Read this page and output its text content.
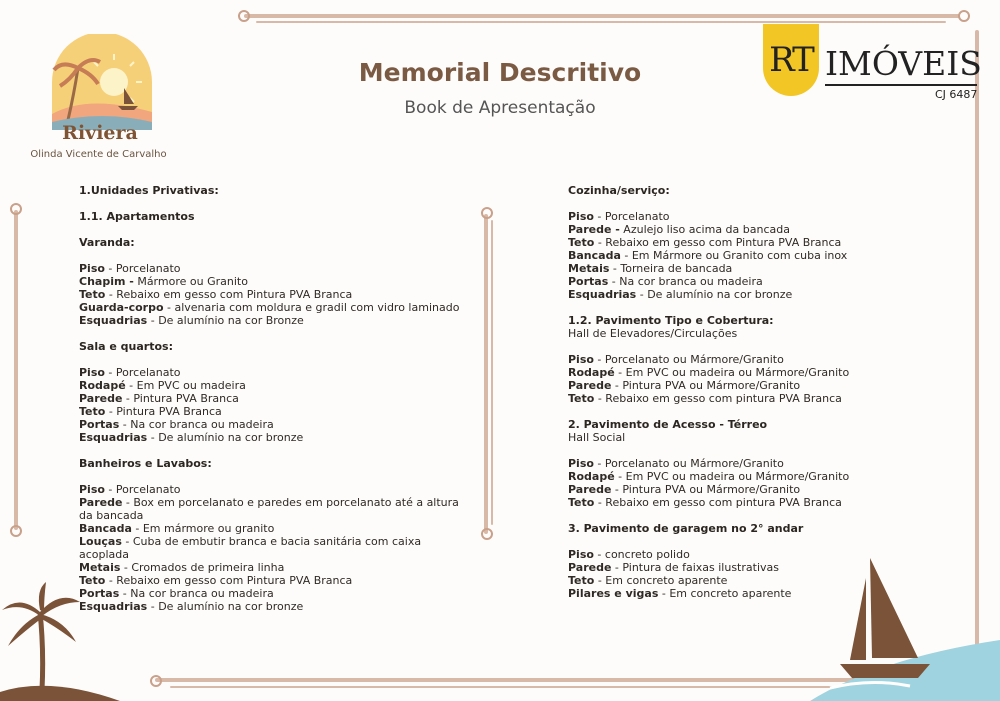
Riviera
Olinda Vicente de Carvalho
Memorial Descritivo
Book de Apresentação
RT IMÓVEIS
CJ 6487
1.Unidades Privativas:
1.1. Apartamentos
Varanda:
Piso - Porcelanato
Chapim - Mármore ou Granito
Teto - Rebaixo em gesso com Pintura PVA Branca
Guarda-corpo - alvenaria com moldura e gradil com vidro laminado
Esquadrias - De alumínio na cor Bronze
Sala e quartos:
Piso - Porcelanato
Rodapé - Em PVC ou madeira
Parede - Pintura PVA Branca
Teto - Pintura PVA Branca
Portas - Na cor branca ou madeira
Esquadrias - De alumínio na cor bronze
Banheiros e Lavabos:
Piso - Porcelanato
Parede - Box em porcelanato e paredes em porcelanato até a altura da bancada
Bancada - Em mármore ou granito
Louças - Cuba de embutir branca e bacia sanitária com caixa acoplada
Metais - Cromados de primeira linha
Teto - Rebaixo em gesso com Pintura PVA Branca
Portas - Na cor branca ou madeira
Esquadrias - De alumínio na cor bronze
Cozinha/serviço:
Piso - Porcelanato
Parede - Azulejo liso acima da bancada
Teto - Rebaixo em gesso com Pintura PVA Branca
Bancada - Em Mármore ou Granito com cuba inox
Metais - Torneira de bancada
Portas - Na cor branca ou madeira
Esquadrias - De alumínio na cor bronze
1.2. Pavimento Tipo e Cobertura:
Hall de Elevadores/Circulações
Piso - Porcelanato ou Mármore/Granito
Rodapé - Em PVC ou madeira ou Mármore/Granito
Parede - Pintura PVA ou Mármore/Granito
Teto - Rebaixo em gesso com pintura PVA Branca
2. Pavimento de Acesso - Térreo
Hall Social
Piso - Porcelanato ou Mármore/Granito
Rodapé - Em PVC ou madeira ou Mármore/Granito
Parede - Pintura PVA ou Mármore/Granito
Teto - Rebaixo em gesso com pintura PVA Branca
3. Pavimento de garagem no 2° andar
Piso - concreto polido
Parede - Pintura de faixas ilustrativas
Teto - Em concreto aparente
Pilares e vigas - Em concreto aparente
